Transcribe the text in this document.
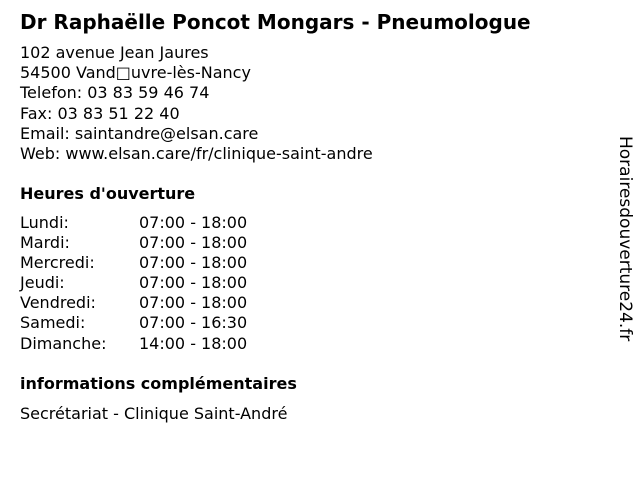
Dr Raphaëlle Poncot Mongars - Pneumologue
102 avenue Jean Jaures
54500 Vand□uvre-lès-Nancy
Telefon: 03 83 59 46 74
Fax: 03 83 51 22 40
Email: saintandre@elsan.care
Web: www.elsan.care/fr/clinique-saint-andre
Heures d'ouverture
Lundi:	07:00 - 18:00
Mardi:	07:00 - 18:00
Mercredi:	07:00 - 18:00
Jeudi:	07:00 - 18:00
Vendredi:	07:00 - 18:00
Samedi:	07:00 - 16:30
Dimanche:	14:00 - 18:00
informations complémentaires
Secrétariat - Clinique Saint-André
Horairesdouverture24.fr
